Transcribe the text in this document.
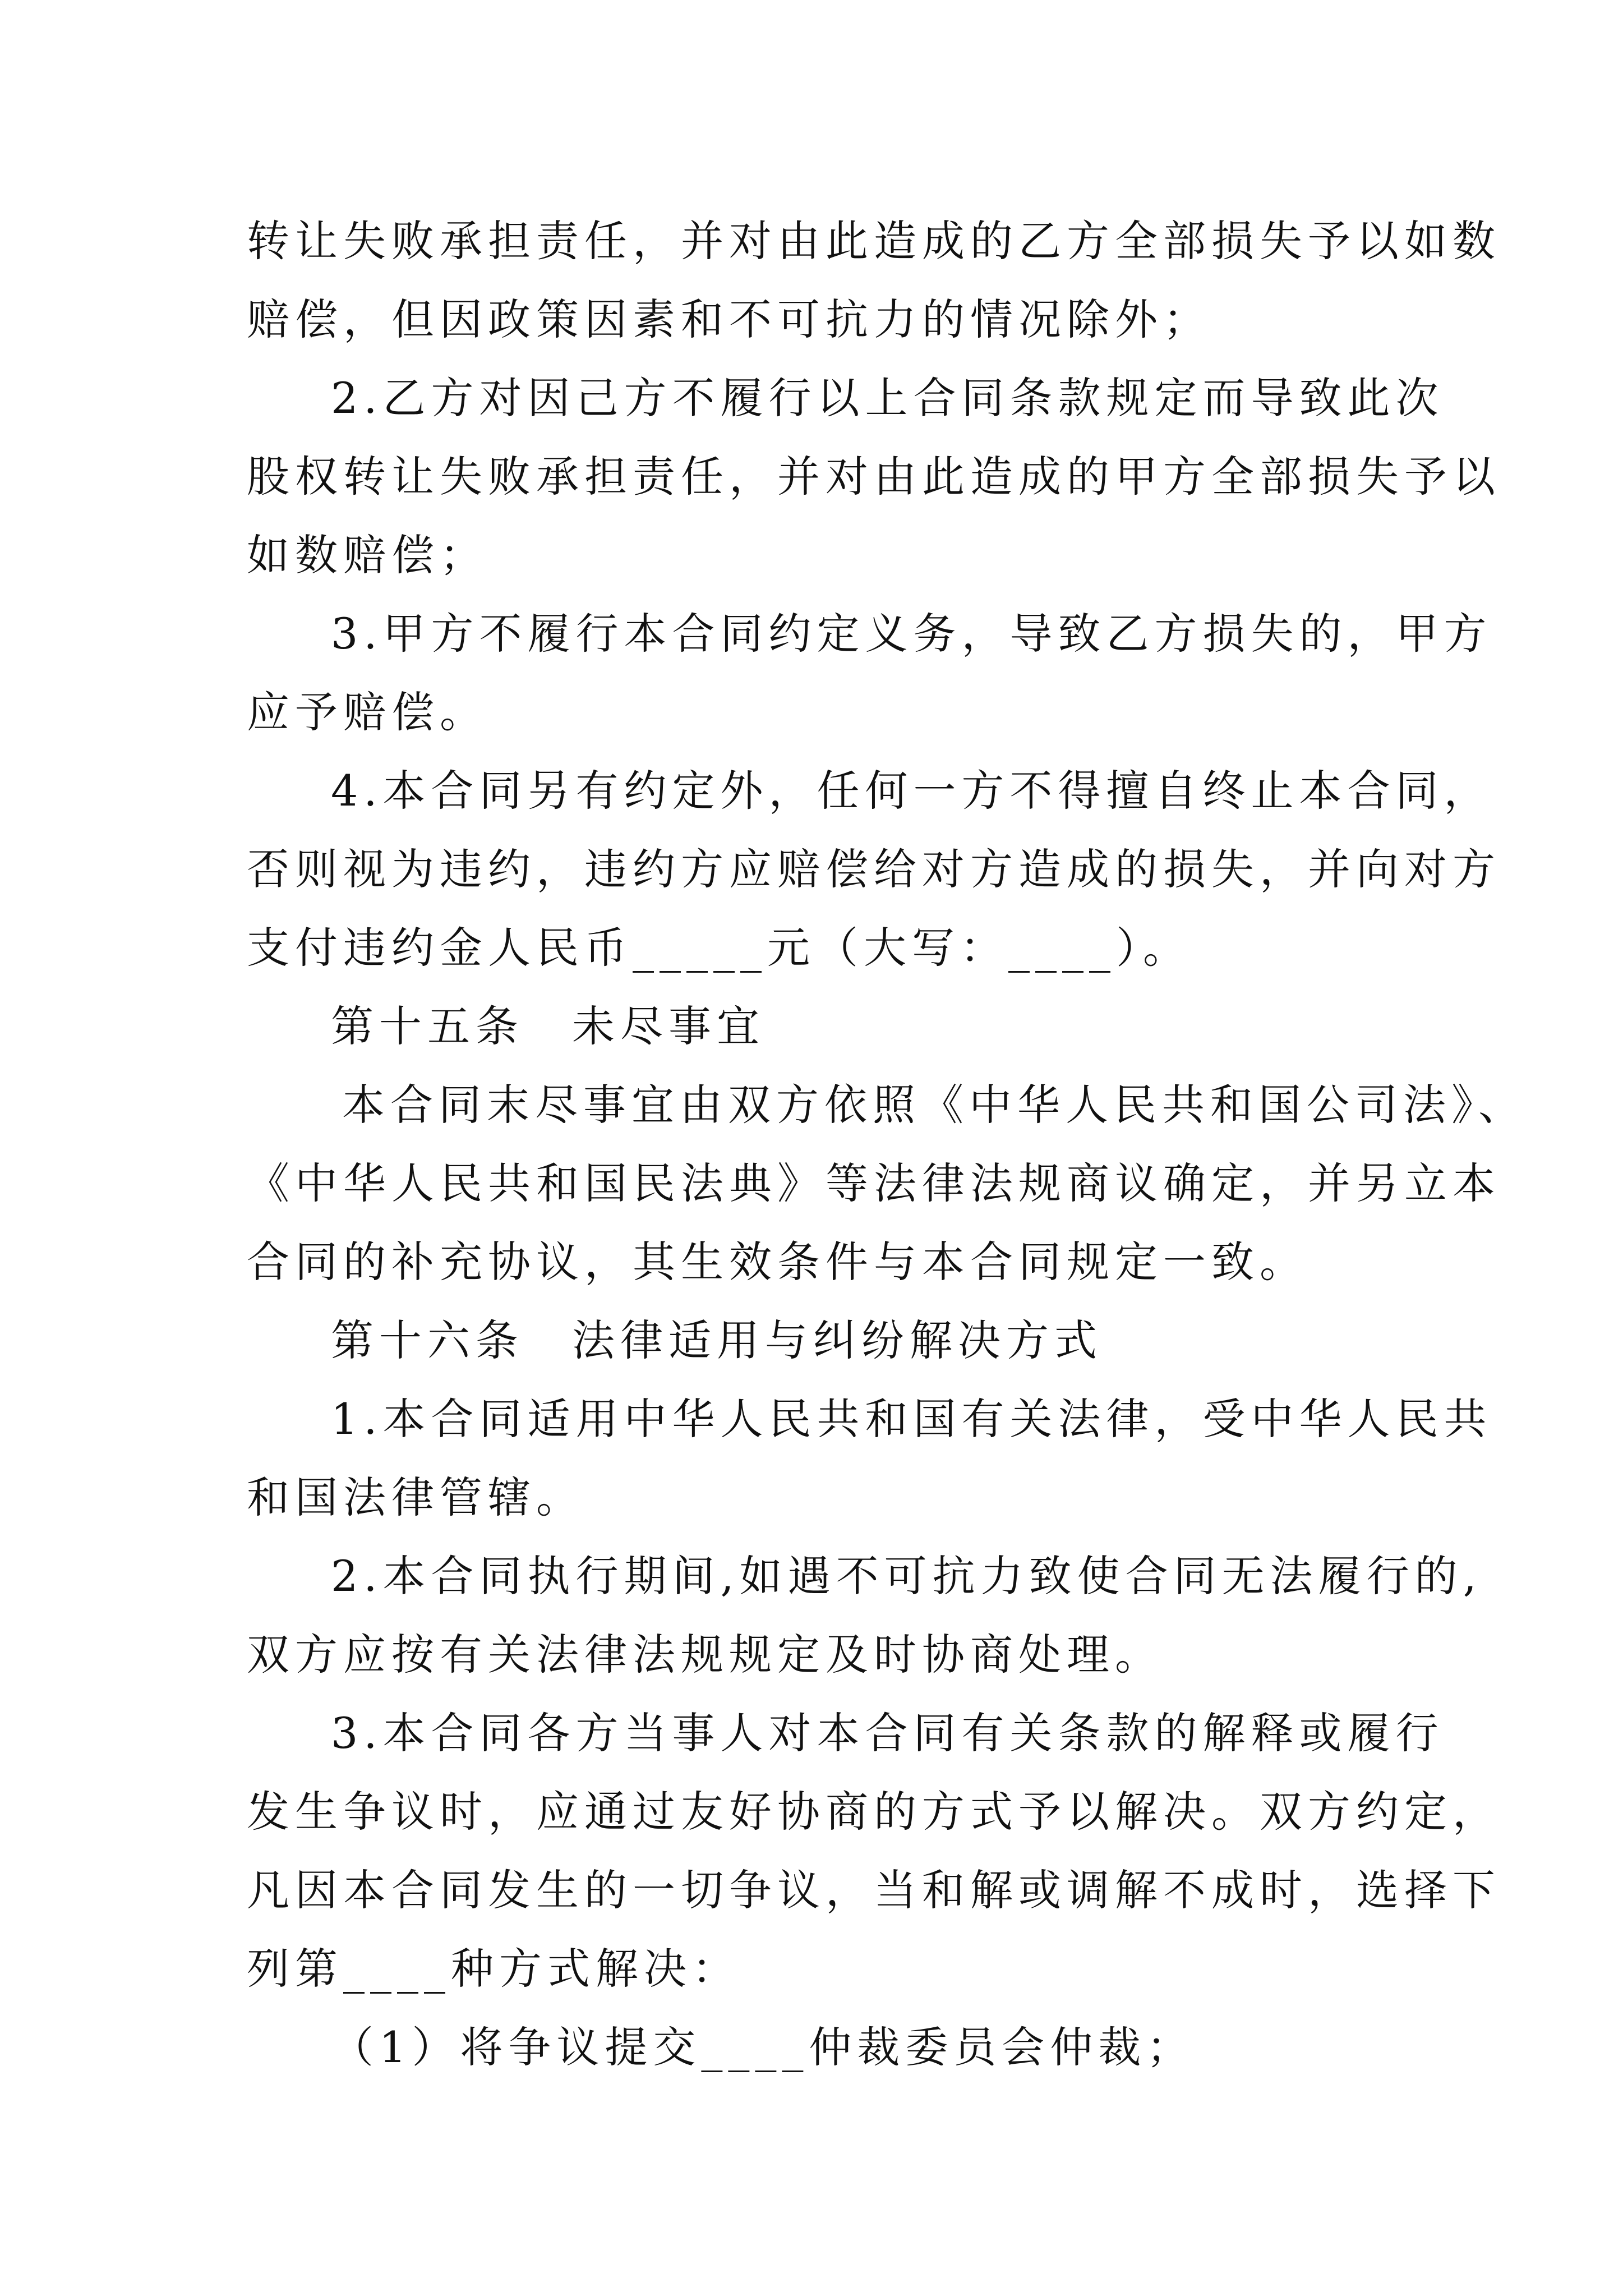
转让失败承担责任，并对由此造成的乙方全部损失予以如数
赔偿，但因政策因素和不可抗力的情况除外；
2.乙方对因己方不履行以上合同条款规定而导致此次
股权转让失败承担责任，并对由此造成的甲方全部损失予以
如数赔偿；
3.甲方不履行本合同约定义务，导致乙方损失的，甲方
应予赔偿。
4.本合同另有约定外，任何一方不得擅自终止本合同，
否则视为违约，违约方应赔偿给对方造成的损失，并向对方
支付违约金人民币_____元（大写：____）。
第十五条　未尽事宜
本合同末尽事宜由双方依照《中华人民共和国公司法》、
《中华人民共和国民法典》等法律法规商议确定，并另立本
合同的补充协议，其生效条件与本合同规定一致。
第十六条　法律适用与纠纷解决方式
1.本合同适用中华人民共和国有关法律，受中华人民共
和国法律管辖。
2.本合同执行期间,如遇不可抗力致使合同无法履行的,
双方应按有关法律法规规定及时协商处理。
3.本合同各方当事人对本合同有关条款的解释或履行
发生争议时，应通过友好协商的方式予以解决。双方约定，
凡因本合同发生的一切争议，当和解或调解不成时，选择下
列第____种方式解决：
（1）将争议提交____仲裁委员会仲裁；
